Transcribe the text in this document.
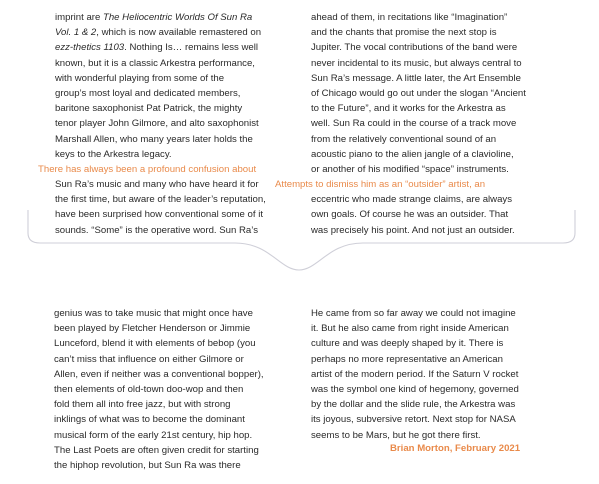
imprint are The Heliocentric Worlds Of Sun Ra
Vol. 1 & 2, which is now available remastered on
ezz-thetics 1103. Nothing Is… remains less well
known, but it is a classic Arkestra performance,
with wonderful playing from some of the
group’s most loyal and dedicated members,
baritone saxophonist Pat Patrick, the mighty
tenor player John Gilmore, and alto saxophonist
Marshall Allen, who many years later holds the
keys to the Arkestra legacy.
There has always been a profound confusion about
Sun Ra’s music and many who have heard it for
the first time, but aware of the leader’s reputation,
have been surprised how conventional some of it
sounds. “Some” is the operative word. Sun Ra’s
ahead of them, in recitations like “Imagination”
and the chants that promise the next stop is
Jupiter. The vocal contributions of the band were
never incidental to its music, but always central to
Sun Ra’s message. A little later, the Art Ensemble
of Chicago would go out under the slogan “Ancient
to the Future”, and it works for the Arkestra as
well. Sun Ra could in the course of a track move
from the relatively conventional sound of an
acoustic piano to the alien jangle of a clavioline,
or another of his modified “space” instruments.
Attempts to dismiss him as an “outsider” artist, an
eccentric who made strange claims, are always
own goals. Of course he was an outsider. That
was precisely his point. And not just an outsider.
genius was to take music that might once have
been played by Fletcher Henderson or Jimmie
Lunceford, blend it with elements of bebop (you
can’t miss that influence on either Gilmore or
Allen, even if neither was a conventional bopper),
then elements of old-town doo-wop and then
fold them all into free jazz, but with strong
inklings of what was to become the dominant
musical form of the early 21st century, hip hop.
The Last Poets are often given credit for starting
the hiphop revolution, but Sun Ra was there
He came from so far away we could not imagine
it. But he also came from right inside American
culture and was deeply shaped by it. There is
perhaps no more representative an American
artist of the modern period. If the Saturn V rocket
was the symbol one kind of hegemony, governed
by the dollar and the slide rule, the Arkestra was
its joyous, subversive retort. Next stop for NASA
seems to be Mars, but he got there first.
Brian Morton, February 2021
